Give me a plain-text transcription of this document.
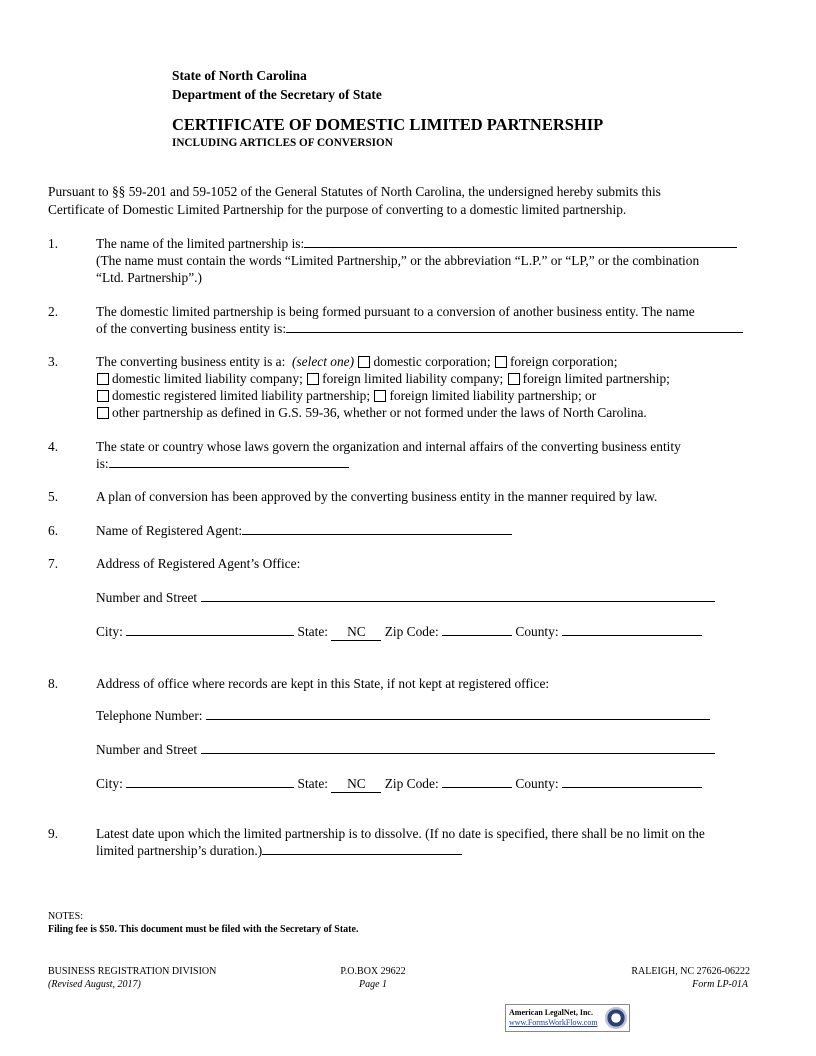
State of North Carolina
Department of the Secretary of State
CERTIFICATE OF DOMESTIC LIMITED PARTNERSHIP
INCLUDING ARTICLES OF CONVERSION
Pursuant to §§ 59-201 and 59-1052 of the General Statutes of North Carolina, the undersigned hereby submits this
Certificate of Domestic Limited Partnership for the purpose of converting to a domestic limited partnership.
1.	The name of the limited partnership is:
(The name must contain the words “Limited Partnership,” or the abbreviation “L.P.” or “LP,” or the combination
“Ltd. Partnership”.)
2.	The domestic limited partnership is being formed pursuant to a conversion of another business entity. The name
of the converting business entity is:
3.	The converting business entity is a: (select one) domestic corporation; foreign corporation;
domestic limited liability company; foreign limited liability company; foreign limited partnership;
domestic registered limited liability partnership; foreign limited liability partnership; or
other partnership as defined in G.S. 59-36, whether or not formed under the laws of North Carolina.
4.	The state or country whose laws govern the organization and internal affairs of the converting business entity
is:
5.	A plan of conversion has been approved by the converting business entity in the manner required by law.
6.	Name of Registered Agent:
7.	Address of Registered Agent’s Office:
Number and Street
City:	State: NC Zip Code:	County:
8.	Address of office where records are kept in this State, if not kept at registered office:
Telephone Number:
Number and Street
City:	State: NC Zip Code:	County:
9.	Latest date upon which the limited partnership is to dissolve. (If no date is specified, there shall be no limit on the
limited partnership’s duration.)
NOTES:
Filing fee is $50. This document must be filed with the Secretary of State.
BUSINESS REGISTRATION DIVISION
(Revised August, 2017)
P.O.BOX 29622
Page 1
RALEIGH, NC 27626-06222
Form LP-01A
American LegalNet, Inc.
www.FormsWorkFlow.com
